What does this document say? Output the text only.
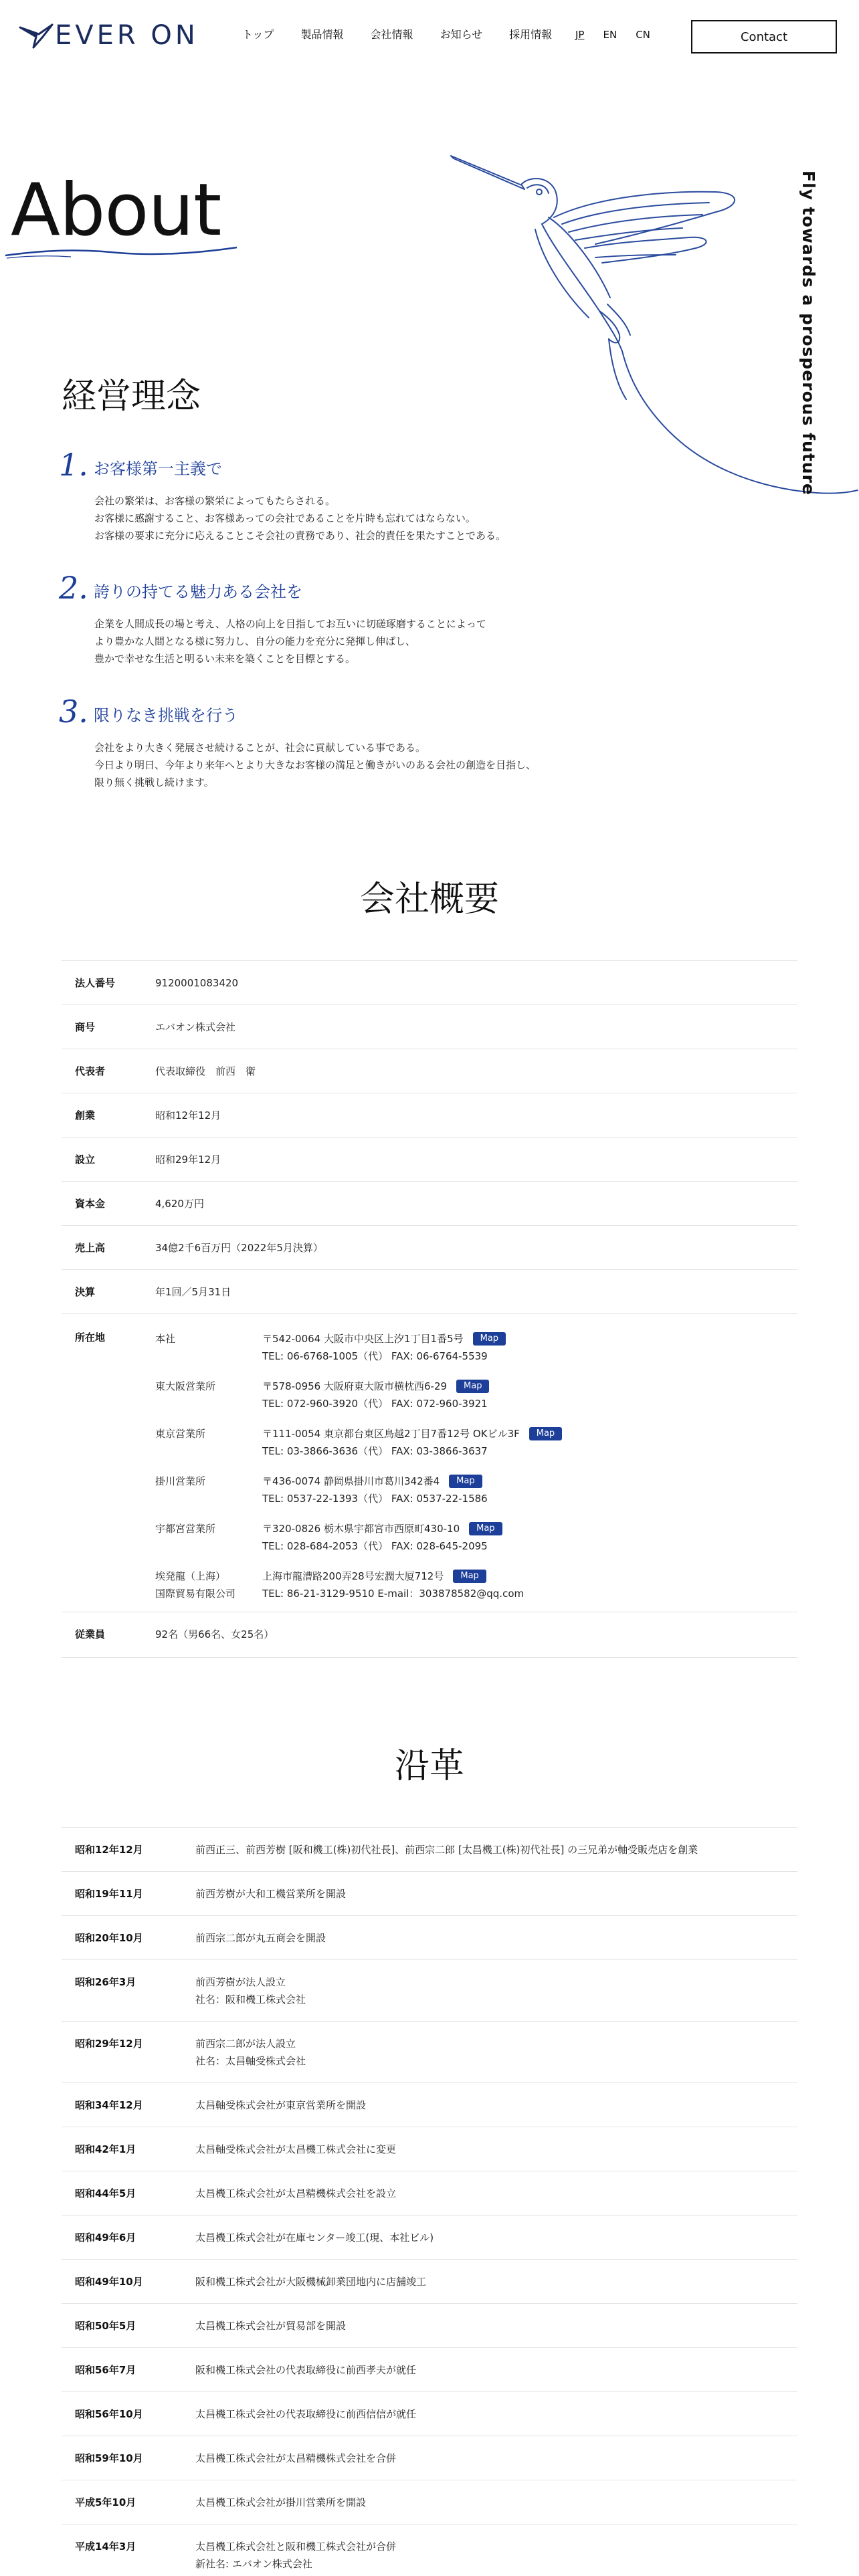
EVER ON	トップ	製品情報	会社情報	お知らせ	採用情報 JP EN CN	Contact
About	Fly towards a prosperous future
経営理念
1. お客様第一主義で
会社の繁栄は、お客様の繁栄によってもたらされる。
お客様に感謝すること、お客様あっての会社であることを片時も忘れてはならない。
お客様の要求に充分に応えることこそ会社の責務であり、社会的責任を果たすことである。
2. 誇りの持てる魅力ある会社を
企業を人間成長の場と考え、人格の向上を目指してお互いに切磋琢磨することによって
より豊かな人間となる様に努力し、自分の能力を充分に発揮し伸ばし、
豊かで幸せな生活と明るい未来を築くことを目標とする。
3. 限りなき挑戦を行う
会社をより大きく発展させ続けることが、社会に貢献している事である。
今日より明日、今年より来年へとより大きなお客様の満足と働きがいのある会社の創造を目指し、
限り無く挑戦し続けます。
会社概要
法人番号	9120001083420
商号	エバオン株式会社
代表者	代表取締役　前西　衛
創業	昭和12年12月
設立	昭和29年12月
資本金	4,620万円
売上高	34億2千6百万円（2022年5月決算）
決算	年1回／5月31日
所在地	本社	〒542-0064 大阪市中央区上汐1丁目1番5号 Map
TEL: 06-6768-1005（代） FAX: 06-6764-5539
東大阪営業所	〒578-0956 大阪府東大阪市横枕西6-29 Map
TEL: 072-960-3920（代） FAX: 072-960-3921
東京営業所	〒111-0054 東京都台東区鳥越2丁目7番12号 OKビル3F Map
TEL: 03-3866-3636（代） FAX: 03-3866-3637
掛川営業所	〒436-0074 静岡県掛川市葛川342番4 Map
TEL: 0537-22-1393（代） FAX: 0537-22-1586
宇都宮営業所	〒320-0826 栃木県宇都宮市西原町430-10 Map
TEL: 028-684-2053（代） FAX: 028-645-2095
埃発龍（上海）
国際貿易有限公司
上海市龍漕路200弄28号宏潤大厦712号 Map
TEL: 86-21-3129-9510 E-mail：303878582@qq.com
従業員	92名（男66名、女25名）
沿革
昭和12年12月	前西正三、前西芳樹 [阪和機工(株)初代社長]、前西宗二郎 [太昌機工(株)初代社長] の三兄弟が軸受販売店を創業
昭和19年11月	前西芳樹が大和工機営業所を開設
昭和20年10月	前西宗二郎が丸五商会を開設
昭和26年3月	前西芳樹が法人設立
社名：阪和機工株式会社
昭和29年12月	前西宗二郎が法人設立
社名：太昌軸受株式会社
昭和34年12月	太昌軸受株式会社が東京営業所を開設
昭和42年1月	太昌軸受株式会社が太昌機工株式会社に変更
昭和44年5月	太昌機工株式会社が太昌精機株式会社を設立
昭和49年6月	太昌機工株式会社が在庫センター竣工(現、本社ビル)
昭和49年10月	阪和機工株式会社が大阪機械卸業団地内に店舗竣工
昭和50年5月	太昌機工株式会社が貿易部を開設
昭和56年7月	阪和機工株式会社の代表取締役に前西孝夫が就任
昭和56年10月	太昌機工株式会社の代表取締役に前西信信が就任
昭和59年10月	太昌機工株式会社が太昌精機株式会社を合併
平成5年10月	太昌機工株式会社が掛川営業所を開設
平成14年3月	太昌機工株式会社と阪和機工株式会社が合併
新社名: エバオン株式会社
